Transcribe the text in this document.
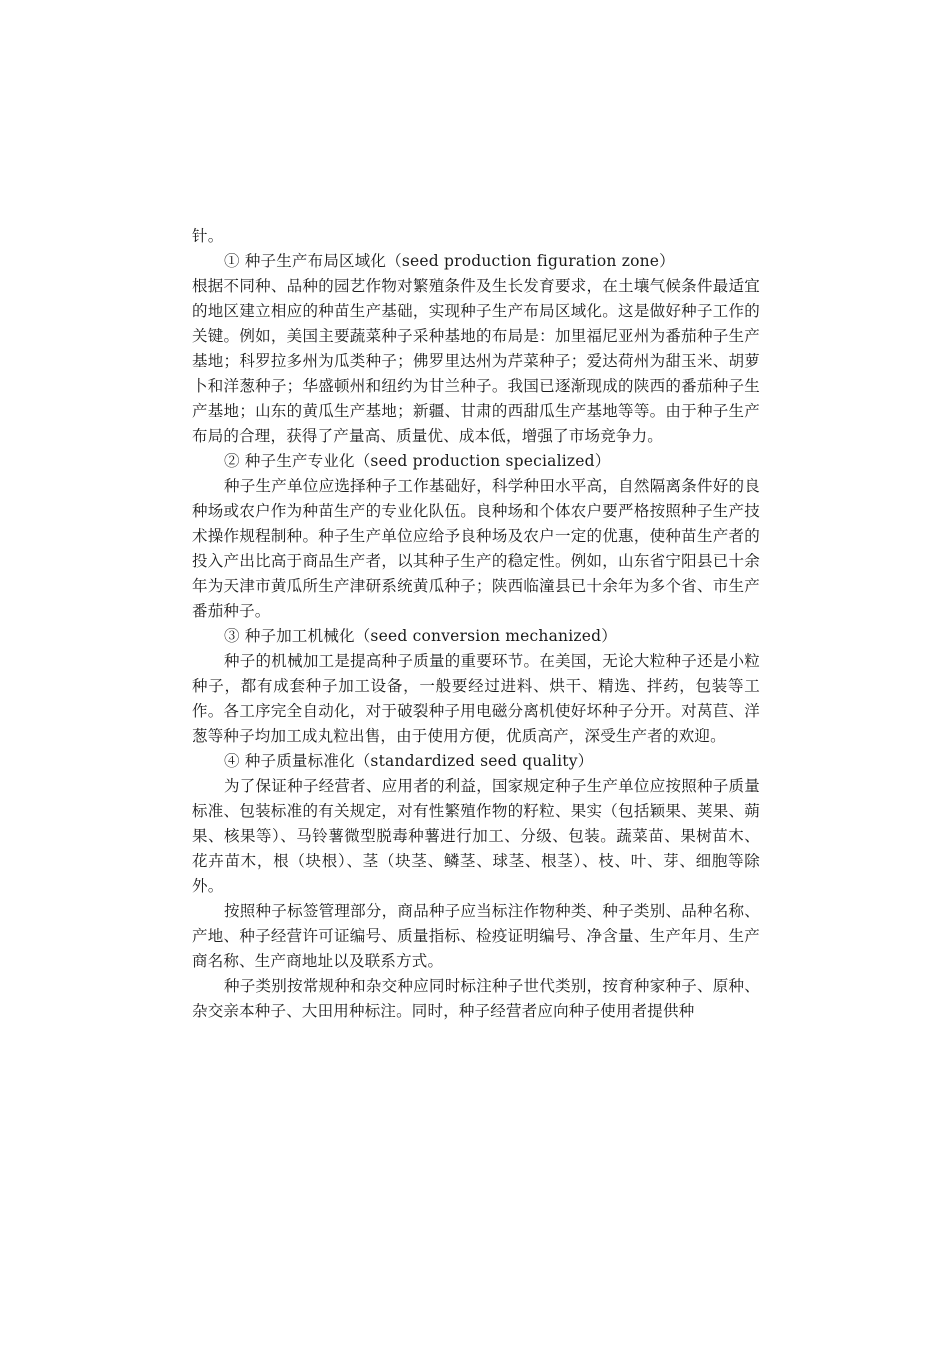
针。

① 种子生产布局区域化（seed production figuration zone）

根据不同种、品种的园艺作物对繁殖条件及生长发育要求，在土壤气候条件最适宜的地区建立相应的种苗生产基础，实现种子生产布局区域化。这是做好种子工作的关键。例如，美国主要蔬菜种子采种基地的布局是：加里福尼亚州为番茄种子生产基地；科罗拉多州为瓜类种子；佛罗里达州为芹菜种子；爱达荷州为甜玉米、胡萝卜和洋葱种子；华盛顿州和纽约为甘兰种子。我国已逐渐现成的陕西的番茄种子生产基地；山东的黄瓜生产基地；新疆、甘肃的西甜瓜生产基地等等。由于种子生产布局的合理，获得了产量高、质量优、成本低，增强了市场竞争力。

② 种子生产专业化（seed production specialized）

种子生产单位应选择种子工作基础好，科学种田水平高，自然隔离条件好的良种场或农户作为种苗生产的专业化队伍。良种场和个体农户要严格按照种子生产技术操作规程制种。种子生产单位应给予良种场及农户一定的优惠，使种苗生产者的投入产出比高于商品生产者，以其种子生产的稳定性。例如，山东省宁阳县已十余年为天津市黄瓜所生产津研系统黄瓜种子；陕西临潼县已十余年为多个省、市生产番茄种子。

③ 种子加工机械化（seed conversion mechanized）

种子的机械加工是提高种子质量的重要环节。在美国，无论大粒种子还是小粒种子，都有成套种子加工设备，一般要经过进料、烘干、精选、拌药，包装等工作。各工序完全自动化，对于破裂种子用电磁分离机使好坏种子分开。对莴苣、洋葱等种子均加工成丸粒出售，由于使用方便，优质高产，深受生产者的欢迎。

④ 种子质量标准化（standardized seed quality）

为了保证种子经营者、应用者的利益，国家规定种子生产单位应按照种子质量标准、包装标准的有关规定，对有性繁殖作物的籽粒、果实（包括颖果、荚果、蒴果、核果等）、马铃薯微型脱毒种薯进行加工、分级、包装。蔬菜苗、果树苗木、花卉苗木，根（块根）、茎（块茎、鳞茎、球茎、根茎）、枝、叶、芽、细胞等除外。

按照种子标签管理部分，商品种子应当标注作物种类、种子类别、品种名称、产地、种子经营许可证编号、质量指标、检疫证明编号、净含量、生产年月、生产商名称、生产商地址以及联系方式。

种子类别按常规种和杂交种应同时标注种子世代类别，按育种家种子、原种、杂交亲本种子、大田用种标注。同时，种子经营者应向种子使用者提供种
